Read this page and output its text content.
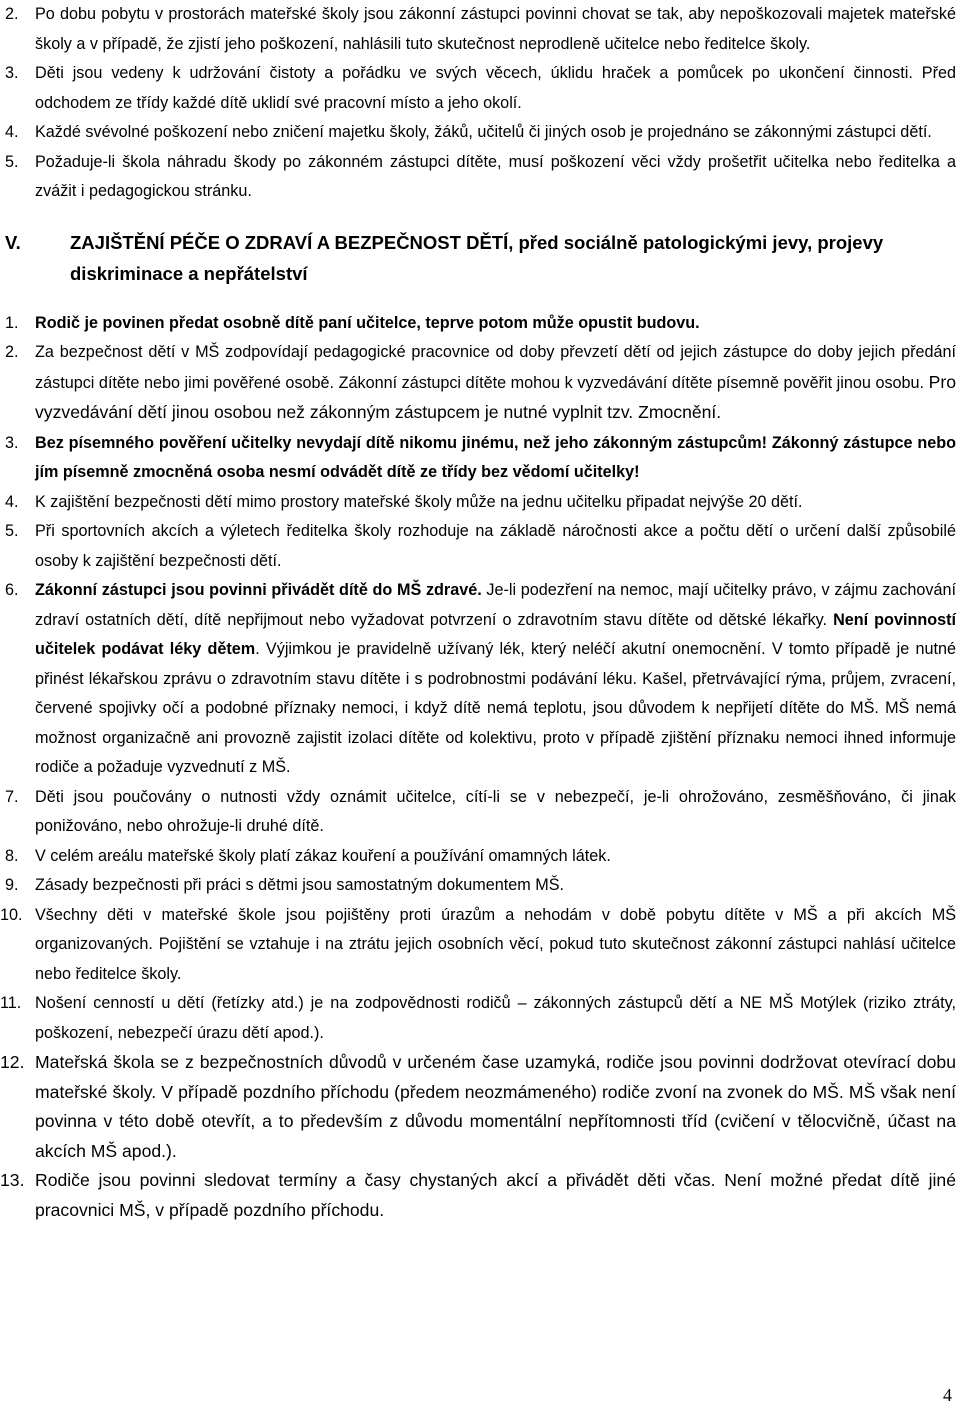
2. Po dobu pobytu v prostorách mateřské školy jsou zákonní zástupci povinni chovat se tak, aby nepoškozovali majetek mateřské školy a v případě, že zjistí jeho poškození, nahlásili tuto skutečnost neprodleně učitelce nebo ředitelce školy.
3. Děti jsou vedeny k udržování čistoty a pořádku ve svých věcech, úklidu hraček a pomůcek po ukončení činnosti. Před odchodem ze třídy každé dítě uklidí své pracovní místo a jeho okolí.
4. Každé svévolné poškození nebo zničení majetku školy, žáků, učitelů či jiných osob je projednáno se zákonnými zástupci dětí.
5. Požaduje-li škola náhradu škody po zákonném zástupci dítěte, musí poškození věci vždy prošetřit učitelka nebo ředitelka a zvážit i pedagogickou stránku.
V.	ZAJIŠTĚNÍ PÉČE O ZDRAVÍ A BEZPEČNOST DĚTÍ, před sociálně patologickými jevy, projevy diskriminace a nepřátelství
1. Rodič je povinen předat osobně dítě paní učitelce, teprve potom může opustit budovu.
2. Za bezpečnost dětí v MŠ zodpovídají pedagogické pracovnice od doby převzetí dětí od jejich zástupce do doby jejich předání zástupci dítěte nebo jimi pověřené osobě. Zákonní zástupci dítěte mohou k vyzvedávání dítěte písemně pověřit jinou osobu. Pro vyzvedávání dětí jinou osobou než zákonným zástupcem je nutné vyplnit tzv. Zmocnění.
3. Bez písemného pověření učitelky nevydají dítě nikomu jinému, než jeho zákonným zástupcům! Zákonný zástupce nebo jím písemně zmocněná osoba nesmí odvádět dítě ze třídy bez vědomí učitelky!
4. K zajištění bezpečnosti dětí mimo prostory mateřské školy může na jednu učitelku připadat nejvýše 20 dětí.
5. Při sportovních akcích a výletech ředitelka školy rozhoduje na základě náročnosti akce a počtu dětí o určení další způsobilé osoby k zajištění bezpečnosti dětí.
6. Zákonní zástupci jsou povinni přivádět dítě do MŠ zdravé. Je-li podezření na nemoc, mají učitelky právo, v zájmu zachování zdraví ostatních dětí, dítě nepřijmout nebo vyžadovat potvrzení o zdravotním stavu dítěte od dětské lékařky. Není povinností učitelek podávat léky dětem. Výjimkou je pravidelně užívaný lék, který neléčí akutní onemocnění. V tomto případě je nutné přinést lékařskou zprávu o zdravotním stavu dítěte i s podrobnostmi podávání léku. Kašel, přetrvávající rýma, průjem, zvracení, červené spojivky očí a podobné příznaky nemoci, i když dítě nemá teplotu, jsou důvodem k nepřijetí dítěte do MŠ. MŠ nemá možnost organizačně ani provozně zajistit izolaci dítěte od kolektivu, proto v případě zjištění příznaku nemoci ihned informuje rodiče a požaduje vyzvednutí z MŠ.
7. Děti jsou poučovány o nutnosti vždy oznámit učitelce, cítí-li se v nebezpečí, je-li ohrožováno, zesměšňováno, či jinak ponižováno, nebo ohrožuje-li druhé dítě.
8. V celém areálu mateřské školy platí zákaz kouření a používání omamných látek.
9. Zásady bezpečnosti při práci s dětmi jsou samostatným dokumentem MŠ.
10. Všechny děti v mateřské škole jsou pojištěny proti úrazům a nehodám v době pobytu dítěte v MŠ a při akcích MŠ organizovaných. Pojištění se vztahuje i na ztrátu jejich osobních věcí, pokud tuto skutečnost zákonní zástupci nahlásí učitelce nebo ředitelce školy.
11. Nošení cenností u dětí (řetízky atd.) je na zodpovědnosti rodičů – zákonných zástupců dětí a NE MŠ Motýlek (riziko ztráty, poškození, nebezpečí úrazu dětí apod.).
12. Mateřská škola se z bezpečnostních důvodů v určeném čase uzamyká, rodiče jsou povinni dodržovat otevírací dobu mateřské školy. V případě pozdního příchodu (předem neozmámeného) rodiče zvoní na zvonek do MŠ. MŠ však není povinna v této době otevřít, a to především z důvodu momentální nepřítomnosti tříd (cvičení v tělocvičně, účast na akcích MŠ apod.).
13. Rodiče jsou povinni sledovat termíny a časy chystaných akcí a přivádět děti včas. Není možné předat dítě jiné pracovnici MŠ, v případě pozdního příchodu.
4
